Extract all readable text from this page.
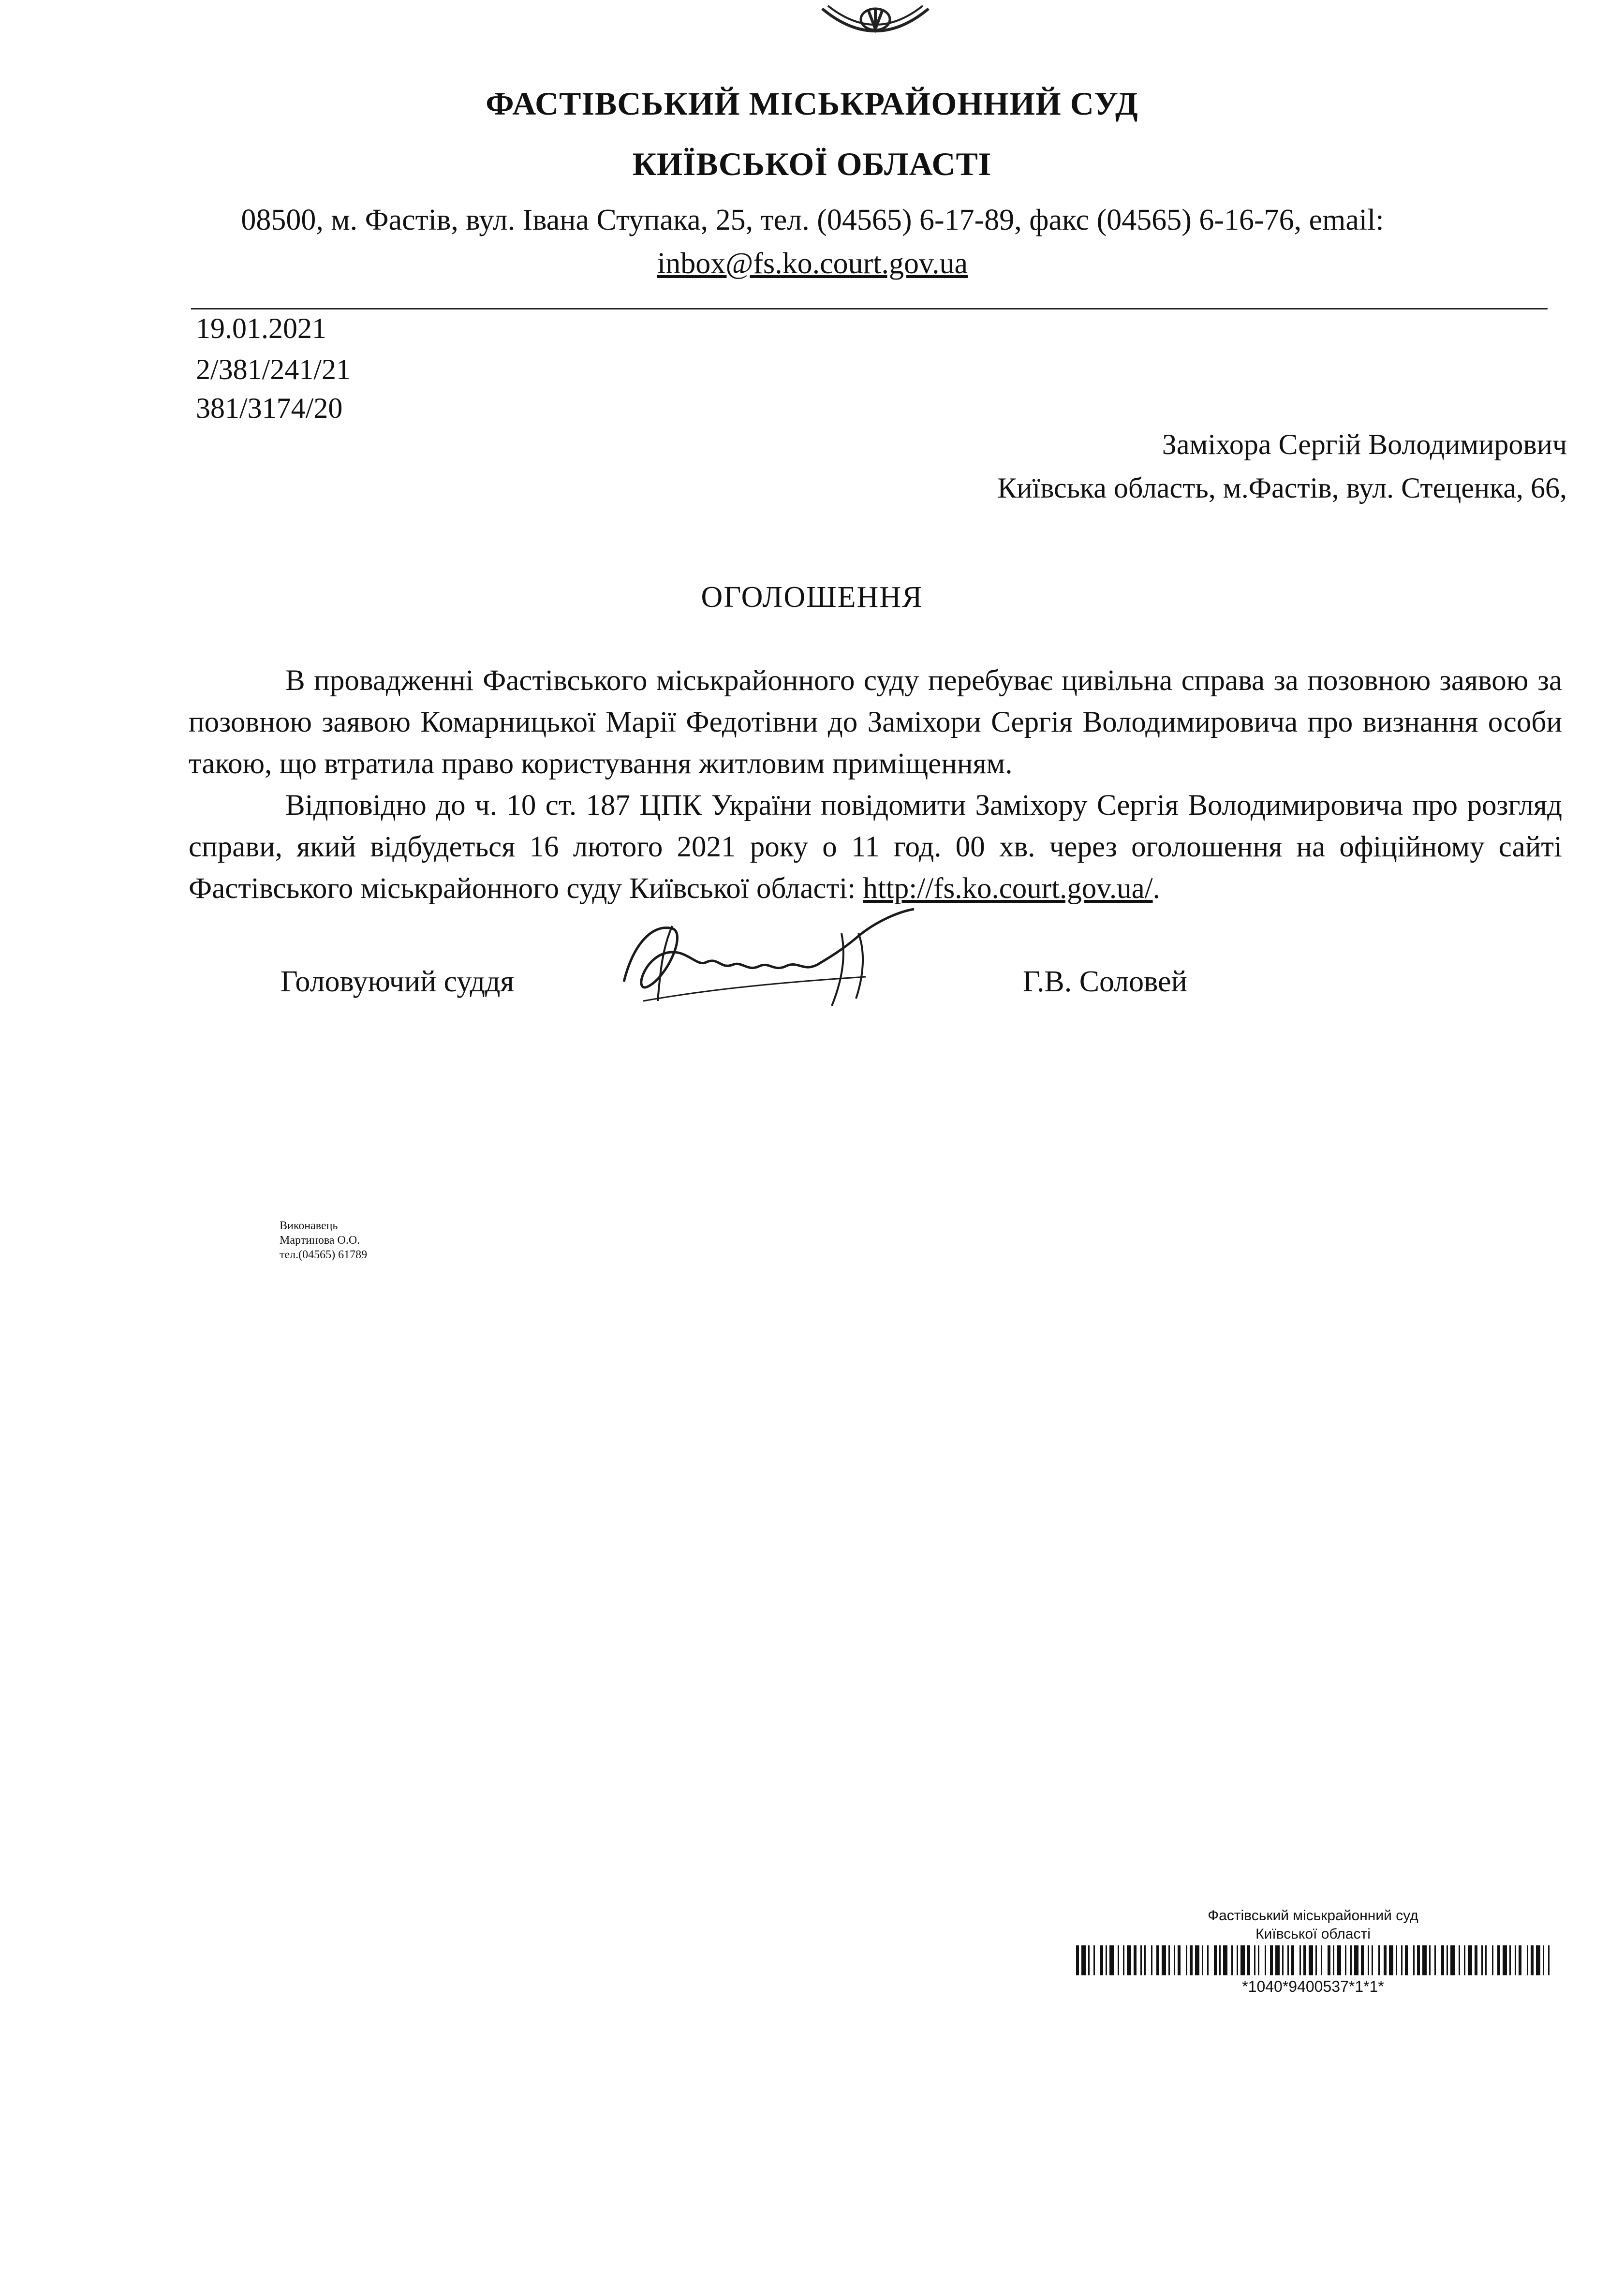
ФАСТІВСЬКИЙ МІСЬКРАЙОННИЙ СУД
КИЇВСЬКОЇ ОБЛАСТІ
08500, м. Фастів, вул. Івана Ступака, 25, тел. (04565) 6-17-89, факс (04565) 6-16-76, email:
inbox@fs.ko.court.gov.ua
19.01.2021
2/381/241/21
381/3174/20
Заміхора Сергій Володимирович
Київська область, м.Фастів, вул. Стеценка, 66,
ОГОЛОШЕННЯ

В провадженні Фастівського міськрайонного суду перебуває цивільна справа за позовною заявою за позовною заявою Комарницької Марії Федотівни до Заміхори Сергія Володимировича про визнання особи такою, що втратила право користування житловим приміщенням.

Відповідно до ч. 10 ст. 187 ЦПК України повідомити Заміхору Сергія Володимировича про розгляд справи, який відбудеться 16 лютого 2021 року о 11 год. 00 хв. через оголошення на офіційному сайті Фастівського міськрайонного суду Київської області: http://fs.ko.court.gov.ua/.

Головуючий суддя	Г.В. Соловей
Виконавець
Мартинова О.О.
тел.(04565) 61789
Фастівський міськрайонний суд
Київської області
*1040*9400537*1*1*
